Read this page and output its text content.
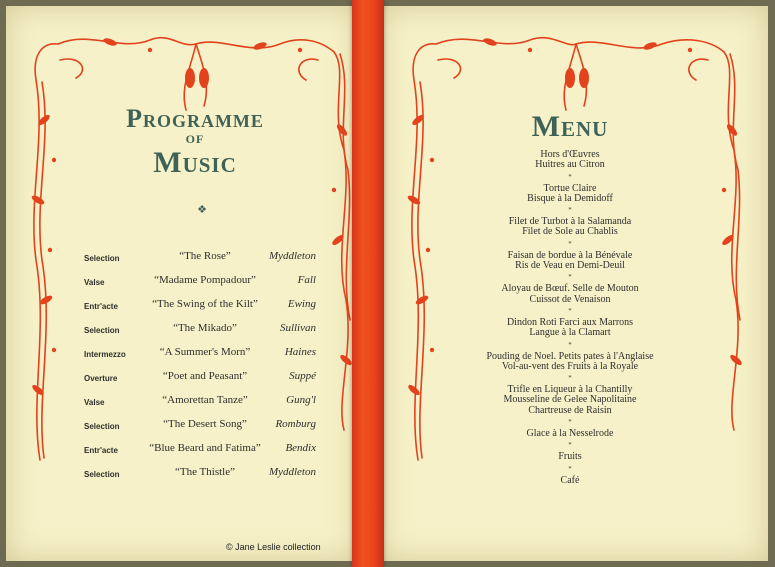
Programme
of
Music
❖
Selection	“The Rose”	Myddleton
Valse	“Madame Pompadour”	Fall
Entr'acte	“The Swing of the Kilt”	Ewing
Selection	“The Mikado”	Sullivan
Intermezzo	“A Summer's Morn”	Haines
Overture	“Poet and Peasant”	Suppé
Valse	“Amorettan Tanze”	Gung'l
Selection	“The Desert Song”	Romburg
Entr'acte	“Blue Beard and Fatima”	Bendix
Selection	“The Thistle”	Myddleton
Menu
Hors d'Œuvres
Huitres au Citron
*
Tortue Claire
Bisque à la Demidoff
*
Filet de Turbot à la Salamanda
Filet de Sole au Chablis
*
Faisan de bordue à la Bénévale
Ris de Veau en Demi-Deuil
*
Aloyau de Bœuf. Selle de Mouton
Cuissot de Venaison
*
Dindon Roti Farci aux Marrons
Langue à la Clamart
*
Pouding de Noel. Petits pates à l'Anglaise
Vol-au-vent des Fruits à la Royale
*
Trifle en Liqueur à la Chantilly
Mousseline de Gelee Napolitaine
Chartreuse de Raisin
*
Glace à la Nesselrode
*
Fruits
*
Café
© Jane Leslie collection
